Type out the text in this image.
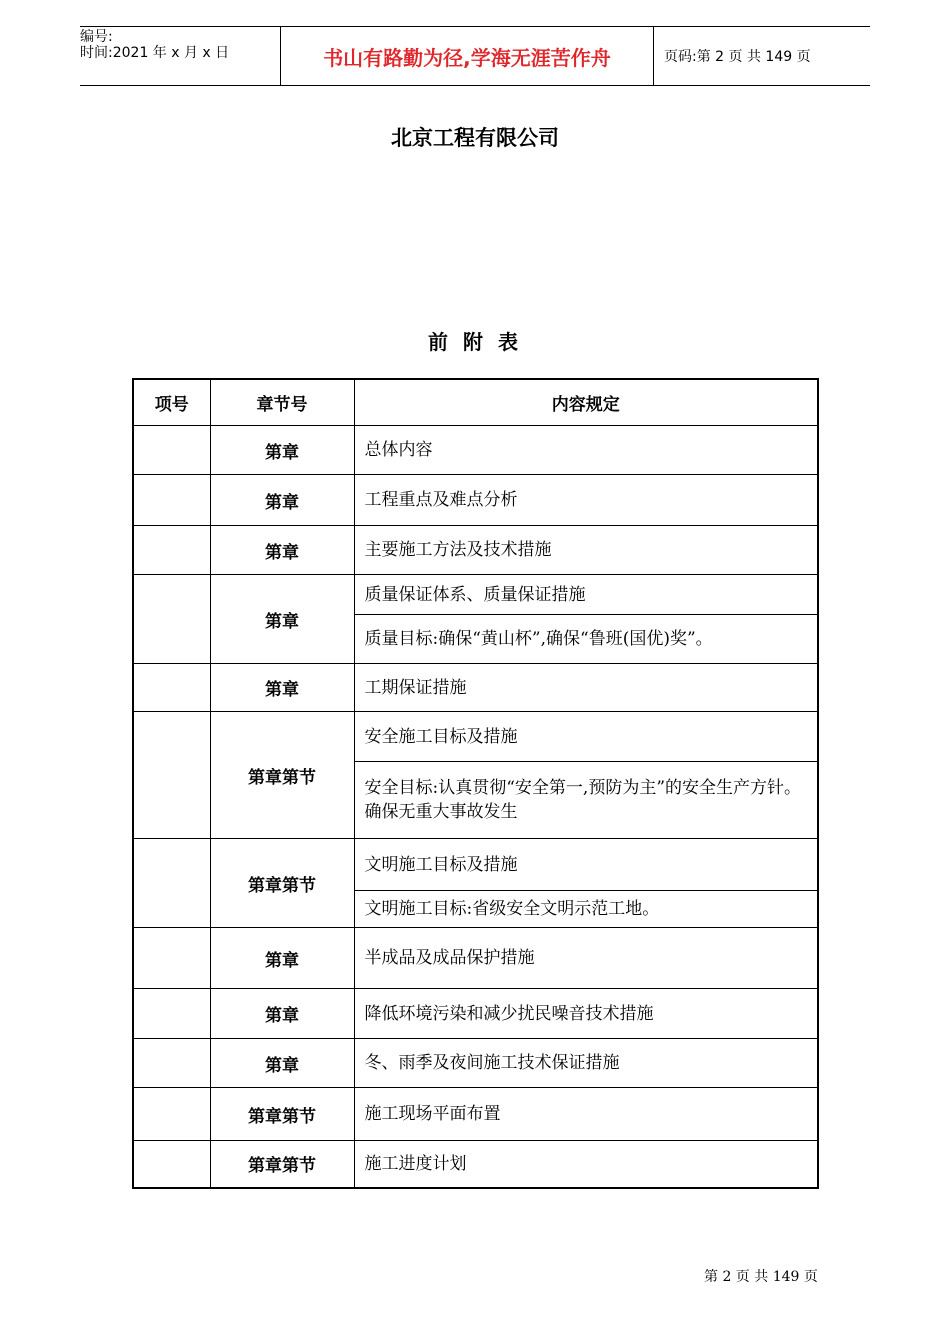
编号:
时间:2021 年 x 月 x 日	书山有路勤为径,学海无涯苦作舟	页码:第 2 页 共 149 页
北京工程有限公司
前 附 表
项号	章节号	内容规定
	第章	总体内容
	第章	工程重点及难点分析
	第章	主要施工方法及技术措施
	第章	质量保证体系、质量保证措施
		质量目标:确保“黄山杯”,确保“鲁班(国优)奖”。
	第章	工期保证措施
	第章第节	安全施工目标及措施
		安全目标:认真贯彻“安全第一,预防为主”的安全生产方针。确保无重大事故发生
	第章第节	文明施工目标及措施
		文明施工目标:省级安全文明示范工地。
	第章	半成品及成品保护措施
	第章	降低环境污染和减少扰民噪音技术措施
	第章	冬、雨季及夜间施工技术保证措施
	第章第节	施工现场平面布置
	第章第节	施工进度计划
第 2 页 共 149 页
